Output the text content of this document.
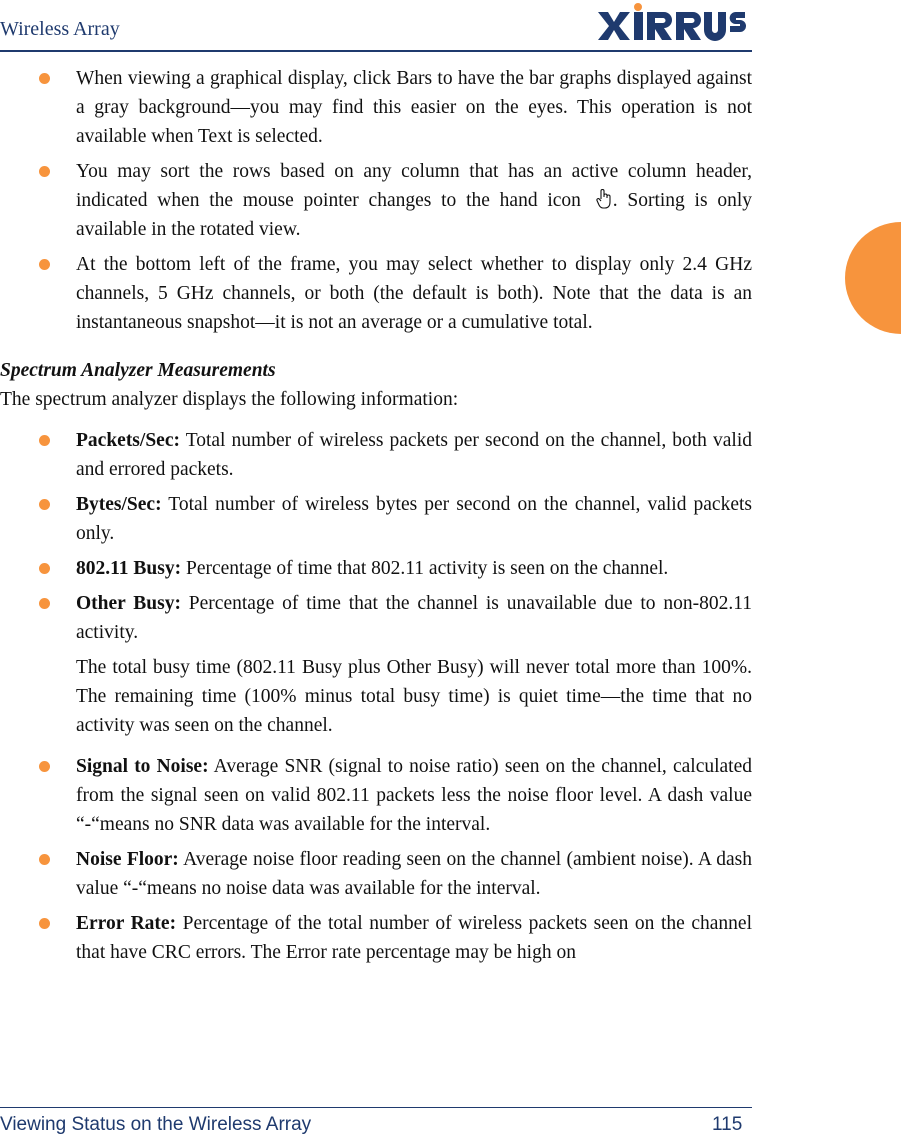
Wireless Array
When viewing a graphical display, click Bars to have the bar graphs displayed against a gray background—you may find this easier on the eyes. This operation is not available when Text is selected.
You may sort the rows based on any column that has an active column header, indicated when the mouse pointer changes to the hand icon . Sorting is only available in the rotated view.
At the bottom left of the frame, you may select whether to display only 2.4 GHz channels, 5 GHz channels, or both (the default is both). Note that the data is an instantaneous snapshot—it is not an average or a cumulative total.
Spectrum Analyzer Measurements
The spectrum analyzer displays the following information:
Packets/Sec: Total number of wireless packets per second on the channel, both valid and errored packets.
Bytes/Sec: Total number of wireless bytes per second on the channel, valid packets only.
802.11 Busy: Percentage of time that 802.11 activity is seen on the channel.
Other Busy: Percentage of time that the channel is unavailable due to non-802.11 activity.
The total busy time (802.11 Busy plus Other Busy) will never total more than 100%. The remaining time (100% minus total busy time) is quiet time—the time that no activity was seen on the channel.
Signal to Noise: Average SNR (signal to noise ratio) seen on the channel, calculated from the signal seen on valid 802.11 packets less the noise floor level. A dash value “-“means no SNR data was available for the interval.
Noise Floor: Average noise floor reading seen on the channel (ambient noise). A dash value “-“means no noise data was available for the interval.
Error Rate: Percentage of the total number of wireless packets seen on the channel that have CRC errors. The Error rate percentage may be high on
Viewing Status on the Wireless Array	115
